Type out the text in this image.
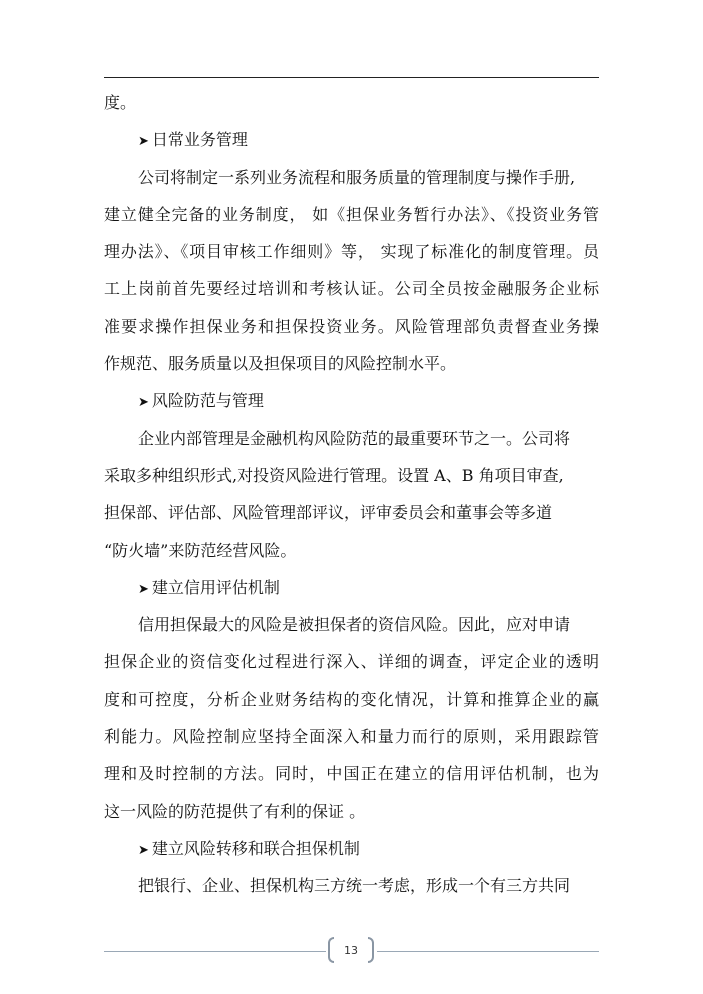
度。
➤ 日常业务管理
公司将制定一系列业务流程和服务质量的管理制度与操作手册,
建立健全完备的业务制度， 如《担保业务暂行办法》、《投资业务管
理办法》、《项目审核工作细则》等， 实现了标准化的制度管理。员
工上岗前首先要经过培训和考核认证。公司全员按金融服务企业标
准要求操作担保业务和担保投资业务。风险管理部负责督查业务操
作规范、服务质量以及担保项目的风险控制水平。
➤ 风险防范与管理
企业内部管理是金融机构风险防范的最重要环节之一。公司将
采取多种组织形式,对投资风险进行管理。设置 A、B 角项目审查,
担保部、评估部、风险管理部评议，评审委员会和董事会等多道
“防火墙”来防范经营风险。
➤ 建立信用评估机制
信用担保最大的风险是被担保者的资信风险。因此，应对申请
担保企业的资信变化过程进行深入、详细的调查，评定企业的透明
度和可控度，分析企业财务结构的变化情况，计算和推算企业的赢
利能力。风险控制应坚持全面深入和量力而行的原则，采用跟踪管
理和及时控制的方法。同时，中国正在建立的信用评估机制，也为
这一风险的防范提供了有利的保证 。
➤ 建立风险转移和联合担保机制
把银行、企业、担保机构三方统一考虑，形成一个有三方共同
13
